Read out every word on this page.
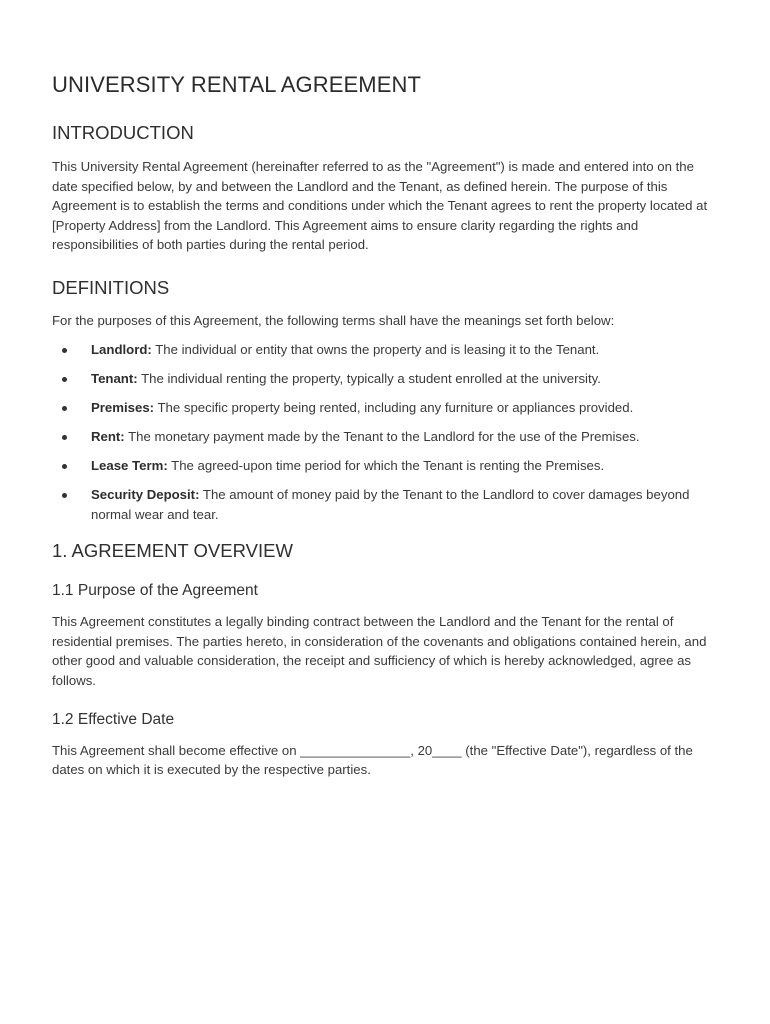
UNIVERSITY RENTAL AGREEMENT
INTRODUCTION

This University Rental Agreement (hereinafter referred to as the "Agreement") is made and entered into on the date specified below, by and between the Landlord and the Tenant, as defined herein. The purpose of this Agreement is to establish the terms and conditions under which the Tenant agrees to rent the property located at [Property Address] from the Landlord. This Agreement aims to ensure clarity regarding the rights and responsibilities of both parties during the rental period.

DEFINITIONS

For the purposes of this Agreement, the following terms shall have the meanings set forth below:

Landlord: The individual or entity that owns the property and is leasing it to the Tenant.
Tenant: The individual renting the property, typically a student enrolled at the university.
Premises: The specific property being rented, including any furniture or appliances provided.
Rent: The monetary payment made by the Tenant to the Landlord for the use of the Premises.
Lease Term: The agreed-upon time period for which the Tenant is renting the Premises.
Security Deposit: The amount of money paid by the Tenant to the Landlord to cover damages beyond normal wear and tear.
1. AGREEMENT OVERVIEW
1.1 Purpose of the Agreement

This Agreement constitutes a legally binding contract between the Landlord and the Tenant for the rental of residential premises. The parties hereto, in consideration of the covenants and obligations contained herein, and other good and valuable consideration, the receipt and sufficiency of which is hereby acknowledged, agree as follows.

1.2 Effective Date

This Agreement shall become effective on _______________, 20____ (the "Effective Date"), regardless of the dates on which it is executed by the respective parties.
